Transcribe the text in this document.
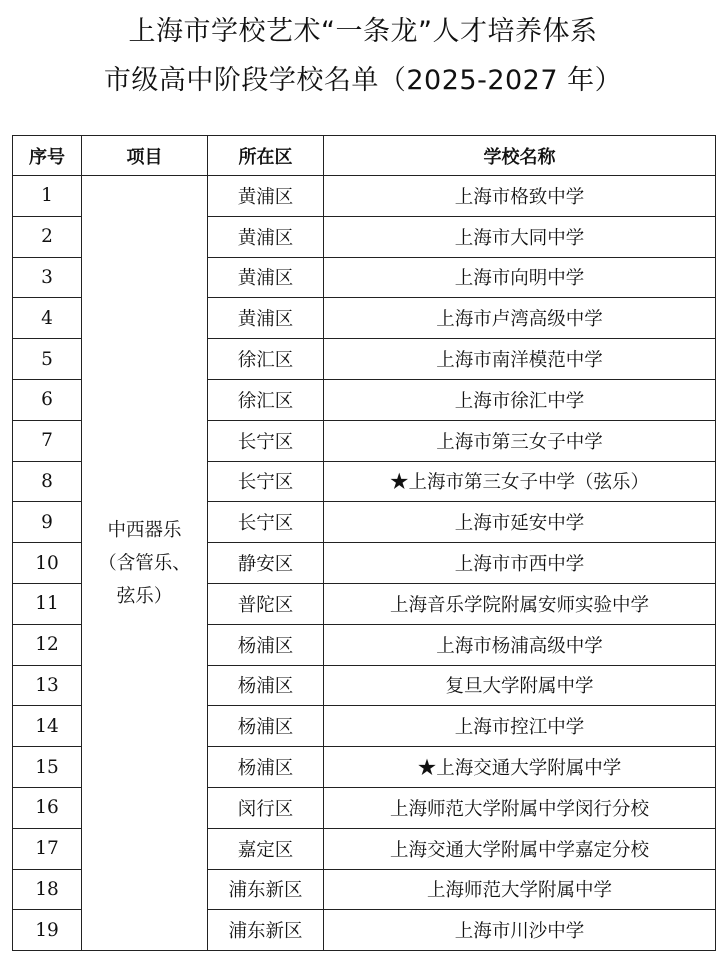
上海市学校艺术“一条龙”人才培养体系
市级高中阶段学校名单（2025-2027 年）
序号	项目	所在区	学校名称
1	中西器乐
（含管乐、
弦乐）	黄浦区	上海市格致中学
2		黄浦区	上海市大同中学
3		黄浦区	上海市向明中学
4		黄浦区	上海市卢湾高级中学
5		徐汇区	上海市南洋模范中学
6		徐汇区	上海市徐汇中学
7		长宁区	上海市第三女子中学
8		长宁区	★上海市第三女子中学（弦乐）
9		长宁区	上海市延安中学
10		静安区	上海市市西中学
11		普陀区	上海音乐学院附属安师实验中学
12		杨浦区	上海市杨浦高级中学
13		杨浦区	复旦大学附属中学
14		杨浦区	上海市控江中学
15		杨浦区	★上海交通大学附属中学
16		闵行区	上海师范大学附属中学闵行分校
17		嘉定区	上海交通大学附属中学嘉定分校
18		浦东新区	上海师范大学附属中学
19		浦东新区	上海市川沙中学
